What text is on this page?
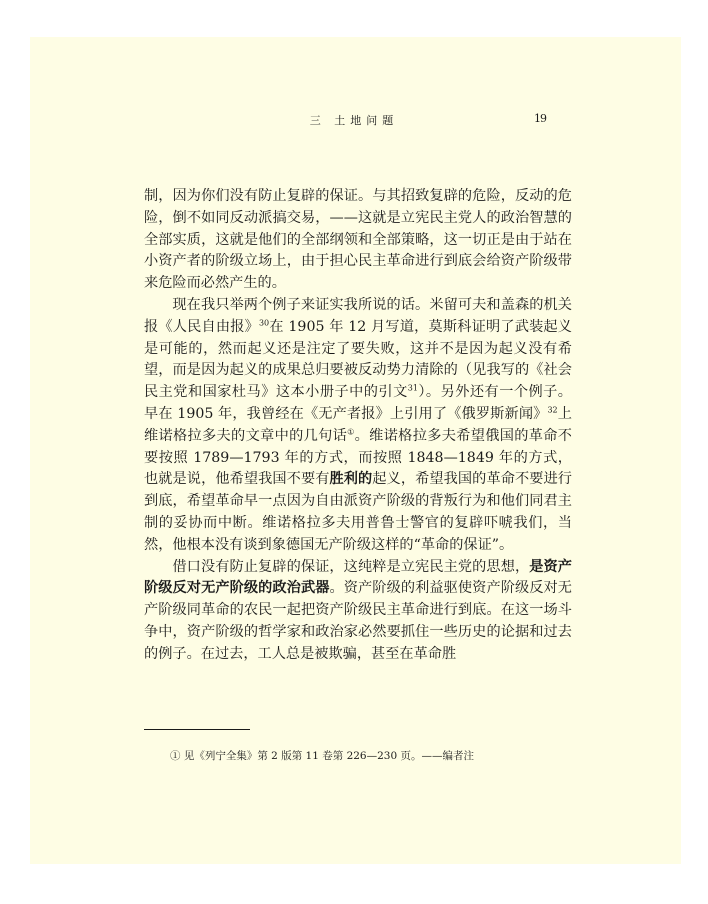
三 土地问题	19

制，因为你们没有防止复辟的保证。与其招致复辟的危险，反动的危险，倒不如同反动派搞交易，——这就是立宪民主党人的政治智慧的全部实质，这就是他们的全部纲领和全部策略，这一切正是由于站在小资产者的阶级立场上，由于担心民主革命进行到底会给资产阶级带来危险而必然产生的。

现在我只举两个例子来证实我所说的话。米留可夫和盖森的机关报《人民自由报》$^{30}$在 1905 年 12 月写道，莫斯科证明了武装起义是可能的，然而起义还是注定了要失败，这并不是因为起义没有希望，而是因为起义的成果总归要被反动势力清除的（见我写的《社会民主党和国家杜马》这本小册子中的引文$^{31}$）。另外还有一个例子。早在 1905 年，我曾经在《无产者报》上引用了《俄罗斯新闻》$^{32}$上维诺格拉多夫的文章中的几句话①。维诺格拉多夫希望俄国的革命不要按照 1789—1793 年的方式，而按照 1848—1849 年的方式，也就是说，他希望我国不要有胜利的起义，希望我国的革命不要进行到底，希望革命早一点因为自由派资产阶级的背叛行为和他们同君主制的妥协而中断。维诺格拉多夫用普鲁士警官的复辟吓唬我们，当然，他根本没有谈到象德国无产阶级这样的“革命的保证”。

借口没有防止复辟的保证，这纯粹是立宪民主党的思想，是资产阶级反对无产阶级的政治武器。资产阶级的利益驱使资产阶级反对无产阶级同革命的农民一起把资产阶级民主革命进行到底。在这一场斗争中，资产阶级的哲学家和政治家必然要抓住一些历史的论据和过去的例子。在过去，工人总是被欺骗，甚至在革命胜

① 见《列宁全集》第 2 版第 11 卷第 226—230 页。——编者注
